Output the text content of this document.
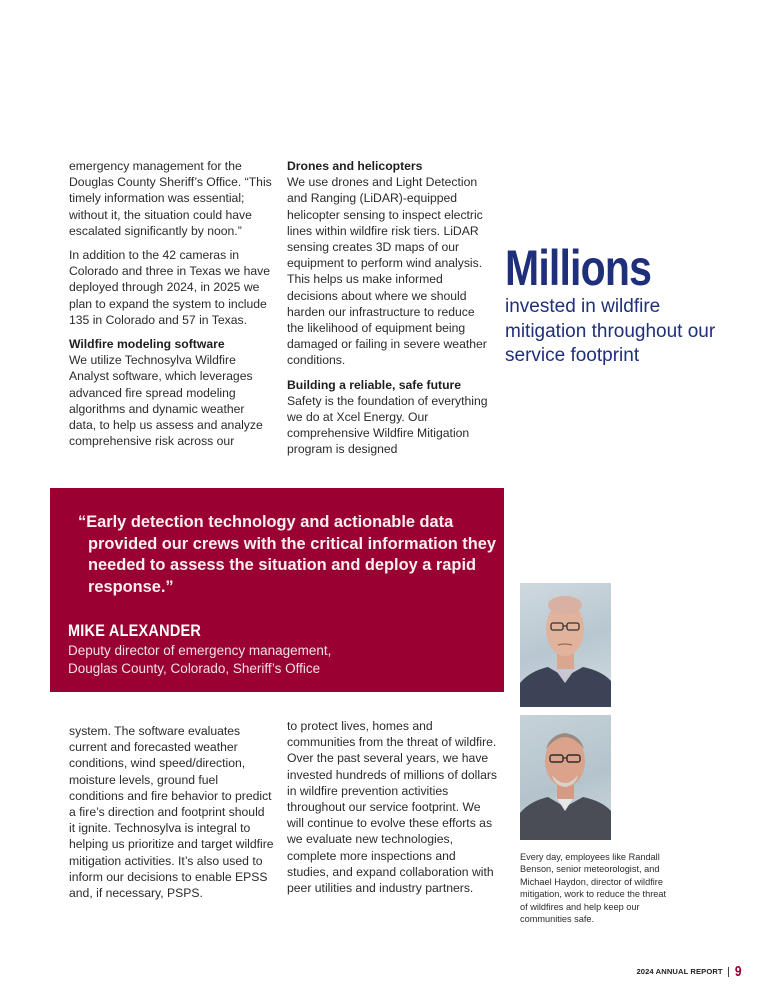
emergency management for the Douglas County Sheriff’s Office. “This timely information was essential; without it, the situation could have escalated significantly by noon.”

In addition to the 42 cameras in Colorado and three in Texas we have deployed through 2024, in 2025 we plan to expand the system to include 135 in Colorado and 57 in Texas.

Wildfire modeling software

We utilize Technosylva Wildfire Analyst software, which leverages advanced fire spread modeling algorithms and dynamic weather data, to help us assess and analyze comprehensive risk across our

Drones and helicopters

We use drones and Light Detection and Ranging (LiDAR)-equipped helicopter sensing to inspect electric lines within wildfire risk tiers. LiDAR sensing creates 3D maps of our equipment to perform wind analysis. This helps us make informed decisions about where we should harden our infrastructure to reduce the likelihood of equipment being damaged or failing in severe weather conditions.

Building a reliable, safe future

Safety is the foundation of everything we do at Xcel Energy. Our comprehensive Wildfire Mitigation program is designed

Millions
invested in wildfire mitigation throughout our service footprint
“Early detection technology and actionable data provided our crews with the critical information they needed to assess the situation and deploy a rapid response.”
MIKE ALEXANDER
Deputy director of emergency management,
Douglas County, Colorado, Sheriff’s Office

system. The software evaluates current and forecasted weather conditions, wind speed/direction, moisture levels, ground fuel conditions and fire behavior to predict a fire’s direction and footprint should it ignite. Technosylva is integral to helping us prioritize and target wildfire mitigation activities. It’s also used to inform our decisions to enable EPSS and, if necessary, PSPS.

to protect lives, homes and communities from the threat of wildfire. Over the past several years, we have invested hundreds of millions of dollars in wildfire prevention activities throughout our service footprint. We will continue to evolve these efforts as we evaluate new technologies, complete more inspections and studies, and expand collaboration with peer utilities and industry partners.

Every day, employees like Randall Benson, senior meteorologist, and Michael Haydon, director of wildfire mitigation, work to reduce the threat of wildfires and help keep our communities safe.
2024 ANNUAL REPORT 9
